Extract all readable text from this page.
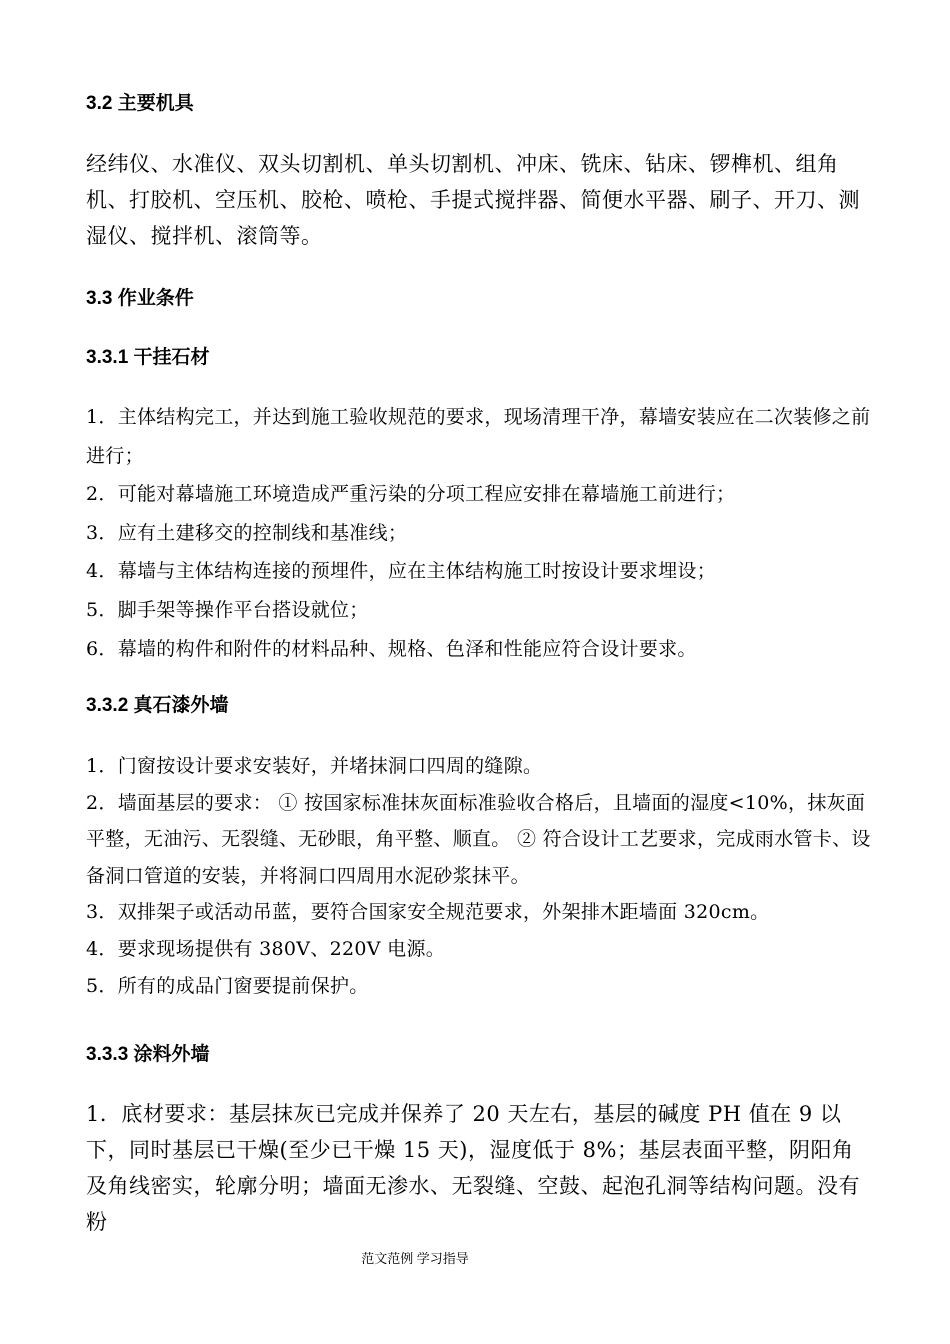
3.2 主要机具

经纬仪、水准仪、双头切割机、单头切割机、冲床、铣床、钻床、锣榫机、组角机、打胶机、空压机、胶枪、喷枪、手提式搅拌器、简便水平器、刷子、开刀、测湿仪、搅拌机、滚筒等。

3.3 作业条件
3.3.1 干挂石材
1．主体结构完工，并达到施工验收规范的要求，现场清理干净，幕墙安装应在二次装修之前进行；
2．可能对幕墙施工环境造成严重污染的分项工程应安排在幕墙施工前进行；
3．应有土建移交的控制线和基准线；
4．幕墙与主体结构连接的预埋件，应在主体结构施工时按设计要求埋设；
5．脚手架等操作平台搭设就位；
6．幕墙的构件和附件的材料品种、规格、色泽和性能应符合设计要求。
3.3.2 真石漆外墙
1．门窗按设计要求安装好，并堵抹洞口四周的缝隙。
2．墙面基层的要求： ① 按国家标准抹灰面标准验收合格后，且墙面的湿度<10%，抹灰面平整，无油污、无裂缝、无砂眼，角平整、顺直。 ② 符合设计工艺要求，完成雨水管卡、设备洞口管道的安装，并将洞口四周用水泥砂浆抹平。
3．双排架子或活动吊蓝，要符合国家安全规范要求，外架排木距墙面 320cm。
4．要求现场提供有 380V、220V 电源。
5．所有的成品门窗要提前保护。
3.3.3 涂料外墙

1．底材要求：基层抹灰已完成并保养了 20 天左右，基层的碱度 PH 值在 9 以下，同时基层已干燥(至少已干燥 15 天)，湿度低于 8%；基层表面平整，阴阳角及角线密实，轮廓分明；墙面无渗水、无裂缝、空鼓、起泡孔洞等结构问题。没有粉

范文范例 学习指导
